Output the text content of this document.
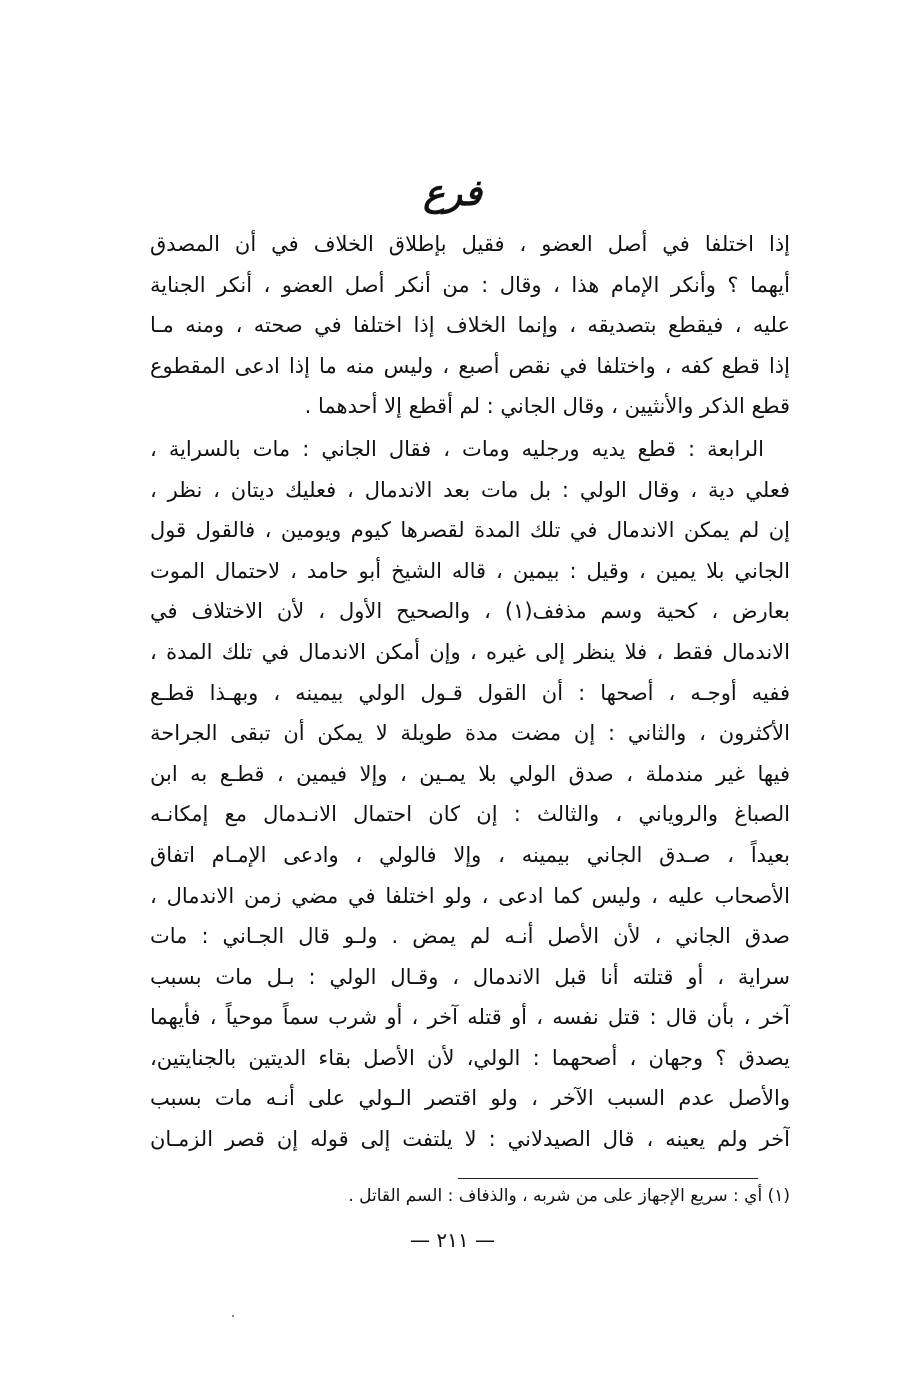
فرع
إذا اختلفا في أصل العضو ، فقيل بإطلاق الخلاف في أن المصدق
أيهما ؟ وأنكر الإمام هذا ، وقال : من أنكر أصل العضو ، أنكر الجناية
عليه ، فيقطع بتصديقه ، وإنما الخلاف إذا اختلفا في صحته ، ومنه مـا
إذا قطع كفه ، واختلفا في نقص أصبع ، وليس منه ما إذا ادعى المقطوع
قطع الذكر والأنثيين ، وقال الجاني : لم أقطع إلا أحدهما .
الرابعة : قطع يديه ورجليه ومات ، فقال الجاني : مات بالسراية ،
فعلي دية ، وقال الولي : بل مات بعد الاندمال ، فعليك ديتان ، نظر ،
إن لم يمكن الاندمال في تلك المدة لقصرها كيوم ويومين ، فالقول قول
الجاني بلا يمين ، وقيل : بيمين ، قاله الشيخ أبو حامد ، لاحتمال الموت
بعارض ، كحية وسم مذفف(١) ، والصحيح الأول ، لأن الاختلاف في
الاندمال فقط ، فلا ينظر إلى غيره ، وإن أمكن الاندمال في تلك المدة ،
ففيه أوجـه ، أصحها : أن القول قـول الولي بيمينه ، وبهـذا قطـع
الأكثرون ، والثاني : إن مضت مدة طويلة لا يمكن أن تبقى الجراحة
فيها غير مندملة ، صدق الولي بلا يمـين ، وإلا فيمين ، قطـع به ابن
الصباغ والروياني ، والثالث : إن كان احتمال الانـدمال مع إمكانـه
بعيداً ، صـدق الجاني بيمينه ، وإلا فالولي ، وادعى الإمـام اتفاق
الأصحاب عليه ، وليس كما ادعى ، ولو اختلفا في مضي زمن الاندمال ،
صدق الجاني ، لأن الأصل أنـه لم يمض . ولـو قال الجـاني : مات
سراية ، أو قتلته أنا قبل الاندمال ، وقـال الولي : بـل مات بسبب
آخر ، بأن قال : قتل نفسه ، أو قتله آخر ، أو شرب سماً موحياً ، فأيهما
يصدق ؟ وجهان ، أصحهما : الولي، لأن الأصل بقاء الديتين بالجنايتين،
والأصل عدم السبب الآخر ، ولو اقتصر الـولي على أنـه مات بسبب
آخر ولم يعينه ، قال الصيدلاني : لا يلتفت إلى قوله إن قصر الزمـان
(١) أي : سريع الإجهاز على من شربه ، والذفاف : السم القاتل .
— ٢١١ —
